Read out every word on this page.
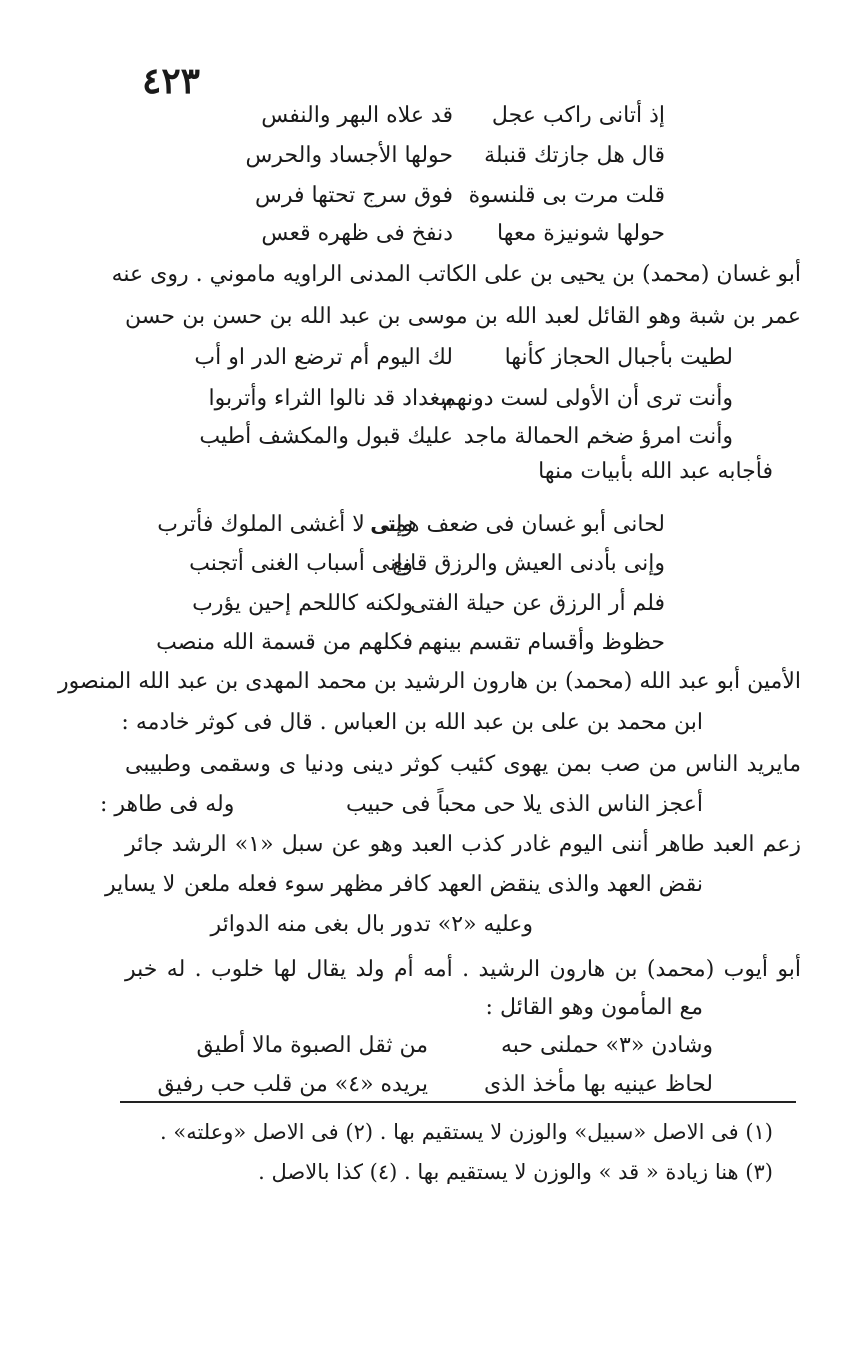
٤٢٣
إذ أتانى راكب عجل
قد علاه البهر والنفس
قال هل جازتك قنبلة
حولها الأجساد والحرس
قلت مرت بى قلنسوة
فوق سرج تحتها فرس
حولها شونيزة معها
دنفخ فى ظهره قعس
أبو غسان (محمد) بن يحيى بن على الكاتب المدنى الراويه ماموني . روى عنه
عمر بن شبة وهو القائل لعبد الله بن موسى بن عبد الله بن حسن بن حسن
لطيت بأجبال الحجاز كأنها
لك اليوم أم ترضع الدر او أب
وأنت ترى أن الأولى لست دونهم
ببغداد قد نالوا الثراء وأتربوا
وأنت امرؤ ضخم الحمالة ماجد
عليك قبول والمكشف أطيب
فأجابه عبد الله بأبيات منها
لحانى أبو غسان فى ضعف همتى
وإنى لا أغشى الملوك فأترب
وإنى بأدنى العيش والرزق قانع
وإنى أسباب الغنى أتجنب
فلم أر الرزق عن حيلة الفتى
ولكنه كاللحم إحين يؤرب
حظوظ وأقسام تقسم بينهم
فكلهم من قسمة الله منصب
الأمين أبو عبد الله (محمد) بن هارون الرشيد بن محمد المهدى بن عبد الله المنصور
ابن محمد بن على بن عبد الله بن العباس . قال فى كوثر خادمه :
مايريد الناس من صب بمن يهوى كئيب كوثر دينى ودنيا ى وسقمى وطبيبى
أعجز الناس الذى يلا حى محباً فى حبيب
وله فى طاهر :
زعم العبد طاهر أننى اليوم غادر كذب العبد وهو عن سبل «١» الرشد جائر
نقض العهد والذى ينقض العهد كافر مظهر سوء فعله ملعن
لا يساير
وعليه «٢» تدور بال بغى منه الدوائر
أبو أيوب (محمد) بن هارون الرشيد . أمه أم ولد يقال لها خلوب . له خبر
مع المأمون وهو القائل :
وشادن «٣» حملنى حبه
من ثقل الصبوة مالا أطيق
لحاظ عينيه بها مأخذ الذى
يريده «٤» من قلب حب رفيق
(١) فى الاصل «سبيل» والوزن لا يستقيم بها . (٢) فى الاصل «وعلته» .
(٣) هنا زيادة « قد » والوزن لا يستقيم بها . (٤) كذا بالاصل .
